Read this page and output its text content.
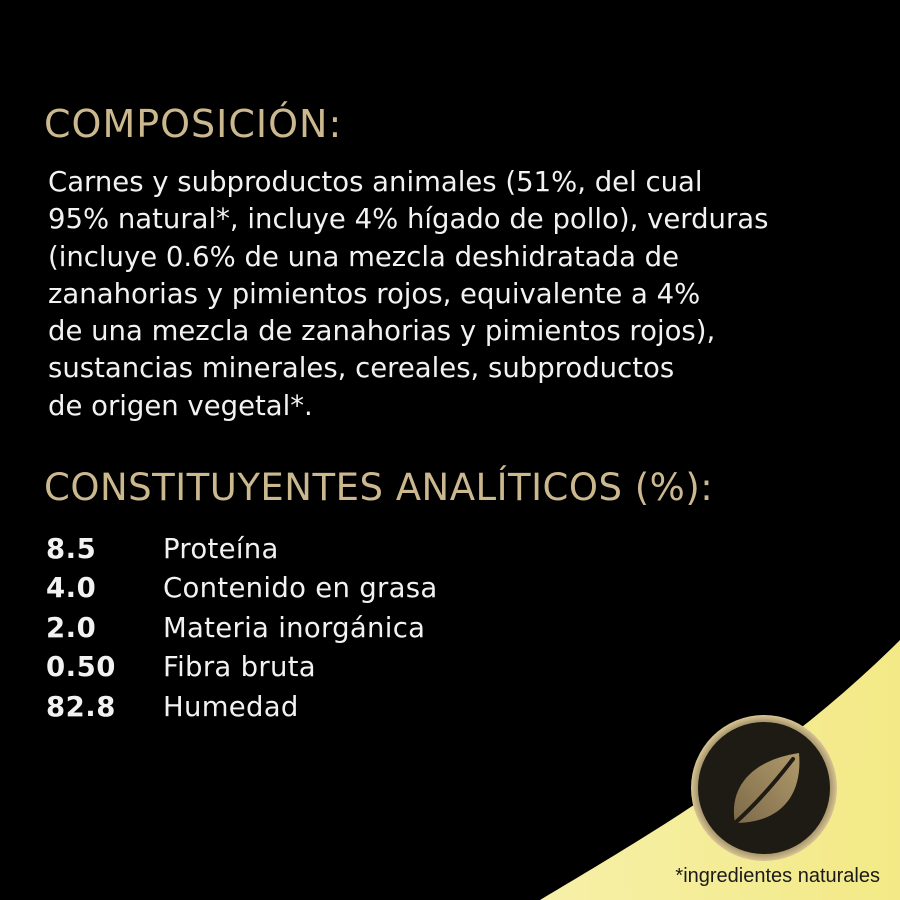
COMPOSICIÓN:

Carnes y subproductos animales (51%, del cual
95% natural*, incluye 4% hígado de pollo), verduras
(incluye 0.6% de una mezcla deshidratada de
zanahorias y pimientos rojos, equivalente a 4%
de una mezcla de zanahorias y pimientos rojos),
sustancias minerales, cereales, subproductos
de origen vegetal*.

CONSTITUYENTES ANALÍTICOS (%):
8.5	Proteína
4.0	Contenido en grasa
2.0	Materia inorgánica
0.50	Fibra bruta
82.8	Humedad
*ingredientes naturales
